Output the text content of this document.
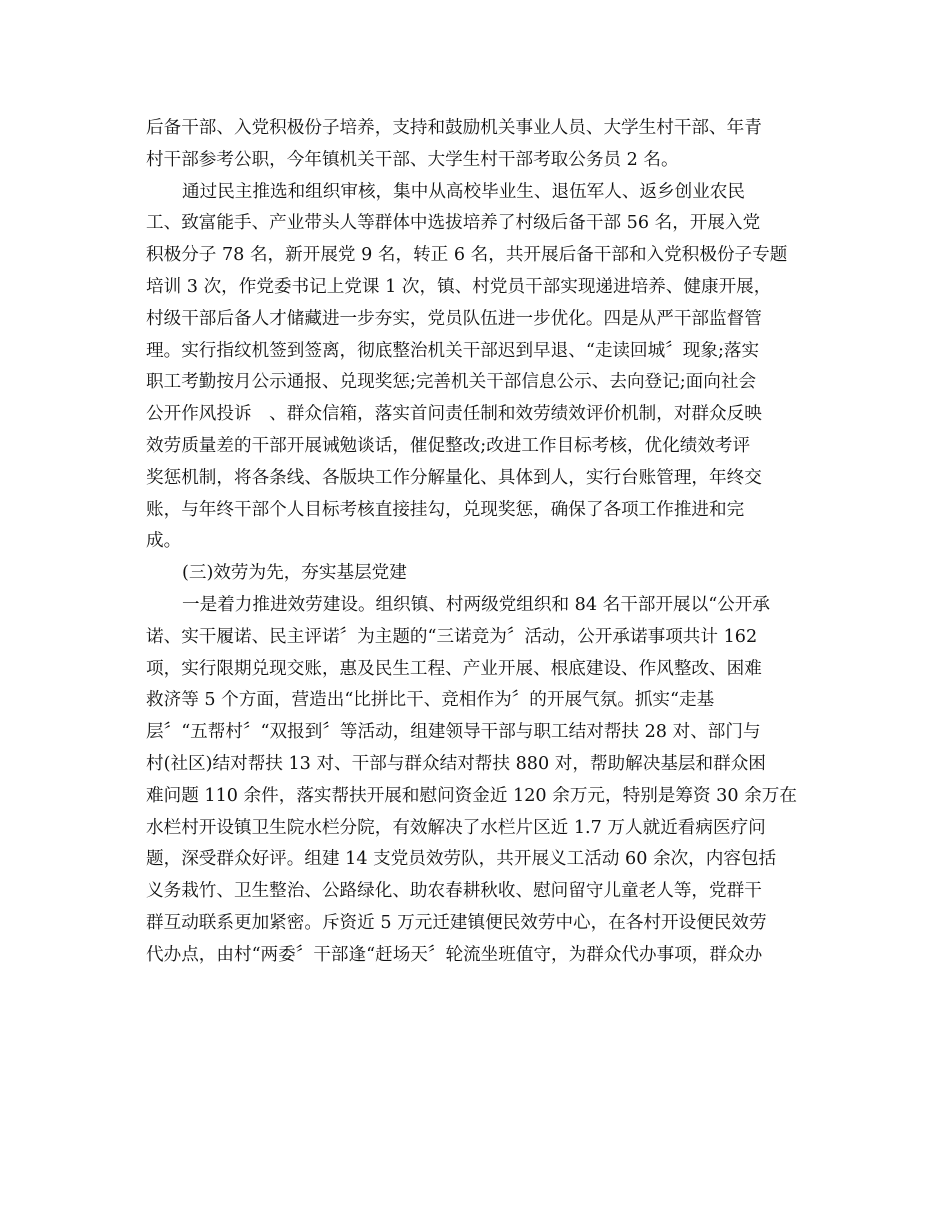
后备干部、入党积极份子培养，支持和鼓励机关事业人员、大学生村干部、年青
村干部参考公职，今年镇机关干部、大学生村干部考取公务员 2 名。
通过民主推选和组织审核，集中从高校毕业生、退伍军人、返乡创业农民
工、致富能手、产业带头人等群体中选拔培养了村级后备干部 56 名，开展入党
积极分子 78 名，新开展党 9 名，转正 6 名，共开展后备干部和入党积极份子专题
培训 3 次，作党委书记上党课 1 次，镇、村党员干部实现递进培养、健康开展，
村级干部后备人才储藏进一步夯实，党员队伍进一步优化。四是从严干部监督管
理。实行指纹机签到签离，彻底整治机关干部迟到早退、“走读回城〞现象;落实
职工考勤按月公示通报、兑现奖惩;完善机关干部信息公示、去向登记;面向社会
公开作风投诉　、群众信箱，落实首问责任制和效劳绩效评价机制，对群众反映
效劳质量差的干部开展诫勉谈话，催促整改;改进工作目标考核，优化绩效考评
奖惩机制，将各条线、各版块工作分解量化、具体到人，实行台账管理，年终交
账，与年终干部个人目标考核直接挂勾，兑现奖惩，确保了各项工作推进和完
成。
(三)效劳为先，夯实基层党建
一是着力推进效劳建设。组织镇、村两级党组织和 84 名干部开展以“公开承
诺、实干履诺、民主评诺〞为主题的“三诺竞为〞活动，公开承诺事项共计 162
项，实行限期兑现交账，惠及民生工程、产业开展、根底建设、作风整改、困难
救济等 5 个方面，营造出“比拼比干、竞相作为〞的开展气氛。抓实“走基
层〞“五帮村〞“双报到〞等活动，组建领导干部与职工结对帮扶 28 对、部门与
村(社区)结对帮扶 13 对、干部与群众结对帮扶 880 对，帮助解决基层和群众困
难问题 110 余件，落实帮扶开展和慰问资金近 120 余万元，特别是筹资 30 余万在
水栏村开设镇卫生院水栏分院，有效解决了水栏片区近 1.7 万人就近看病医疗问
题，深受群众好评。组建 14 支党员效劳队，共开展义工活动 60 余次，内容包括
义务栽竹、卫生整治、公路绿化、助农春耕秋收、慰问留守儿童老人等，党群干
群互动联系更加紧密。斥资近 5 万元迁建镇便民效劳中心，在各村开设便民效劳
代办点，由村“两委〞干部逢“赶场天〞轮流坐班值守，为群众代办事项，群众办
